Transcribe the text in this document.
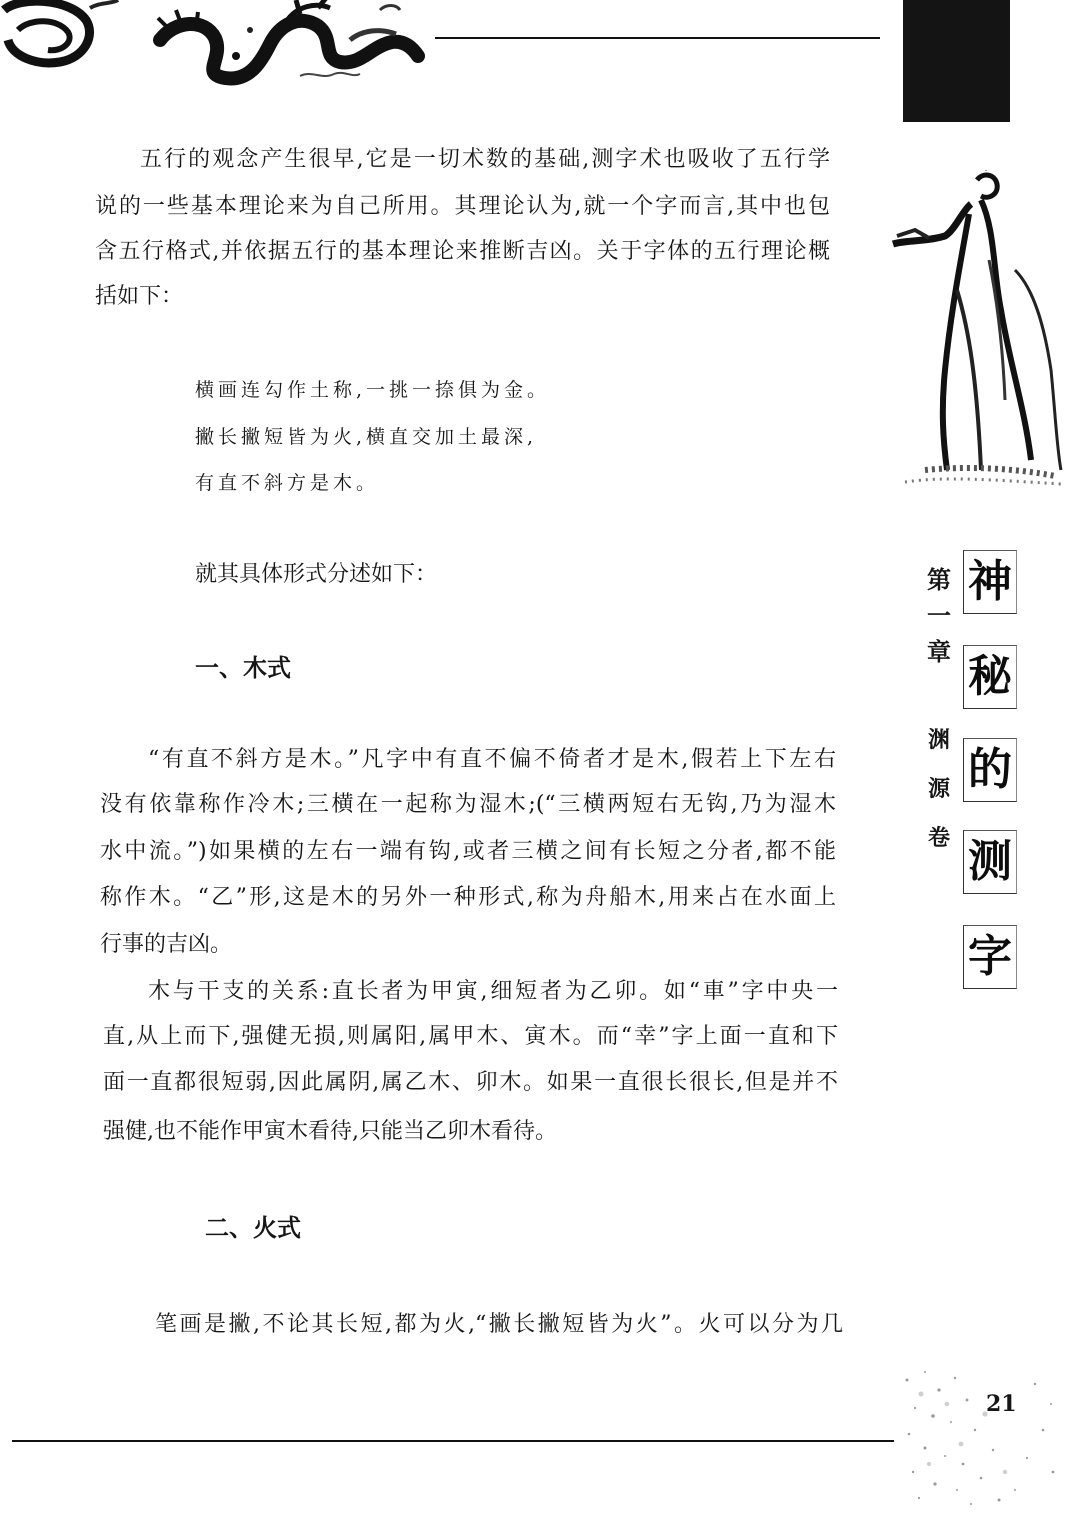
第
一
章
渊
源
卷
神
秘
的
测
字
五行的观念产生很早,它是一切术数的基础,测字术也吸收了五行学
说的一些基本理论来为自己所用。其理论认为,就一个字而言,其中也包
含五行格式,并依据五行的基本理论来推断吉凶。关于字体的五行理论概
括如下：
横画连勾作土称,一挑一捺俱为金。
撇长撇短皆为火,横直交加土最深,
有直不斜方是木。
就其具体形式分述如下：
一、木式
“有直不斜方是木。”凡字中有直不偏不倚者才是木,假若上下左右
没有依靠称作冷木;三横在一起称为湿木;(“三横两短右无钩,乃为湿木
水中流。”)如果横的左右一端有钩,或者三横之间有长短之分者,都不能
称作木。“乙”形,这是木的另外一种形式,称为舟船木,用来占在水面上
行事的吉凶。
木与干支的关系:直长者为甲寅,细短者为乙卯。如“車”字中央一
直,从上而下,强健无损,则属阳,属甲木、寅木。而“幸”字上面一直和下
面一直都很短弱,因此属阴,属乙木、卯木。如果一直很长很长,但是并不
强健,也不能作甲寅木看待,只能当乙卯木看待。
二、火式
笔画是撇,不论其长短,都为火,“撇长撇短皆为火”。火可以分为几
21
